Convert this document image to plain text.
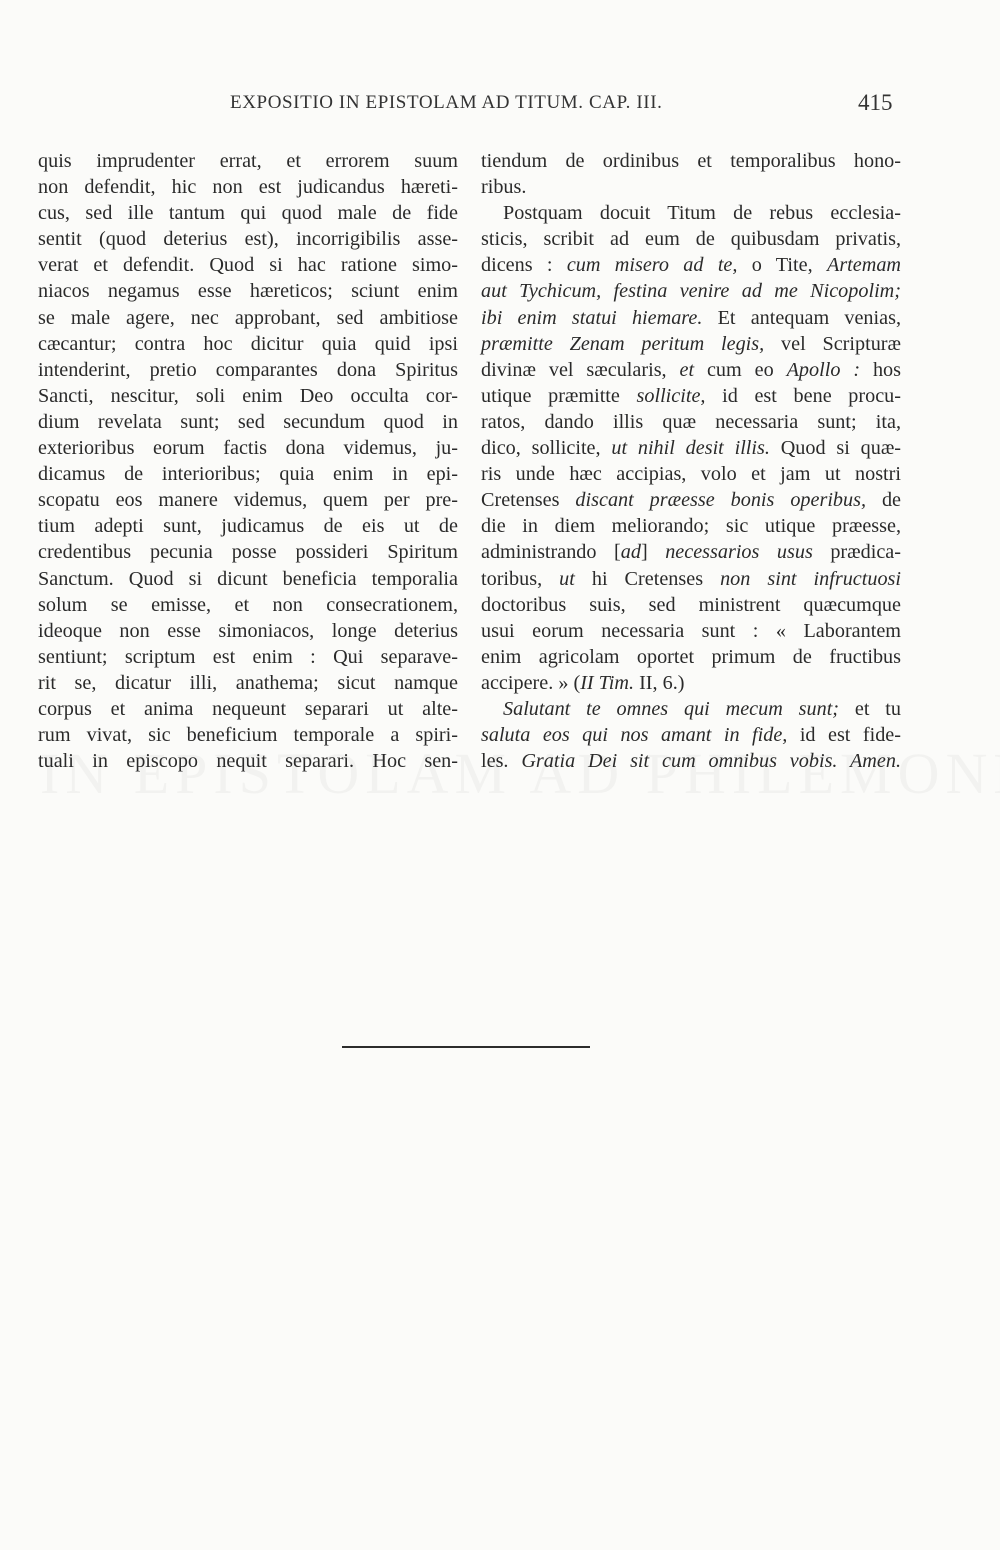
EXPOSITIO IN EPISTOLAM AD TITUM. CAP. III.	415
quis imprudenter errat, et errorem suum
non defendit, hic non est judicandus hæreti-
cus, sed ille tantum qui quod male de fide
sentit (quod deterius est), incorrigibilis asse-
verat et defendit. Quod si hac ratione simo-
niacos negamus esse hæreticos; sciunt enim
se male agere, nec approbant, sed ambitiose
cæcantur; contra hoc dicitur quia quid ipsi
intenderint, pretio comparantes dona Spiritus
Sancti, nescitur, soli enim Deo occulta cor-
dium revelata sunt; sed secundum quod in
exterioribus eorum factis dona videmus, ju-
dicamus de interioribus; quia enim in epi-
scopatu eos manere videmus, quem per pre-
tium adepti sunt, judicamus de eis ut de
credentibus pecunia posse possideri Spiritum
Sanctum. Quod si dicunt beneficia temporalia
solum se emisse, et non consecrationem,
ideoque non esse simoniacos, longe deterius
sentiunt; scriptum est enim : Qui separave-
rit se, dicatur illi, anathema; sicut namque
corpus et anima nequeunt separari ut alte-
rum vivat, sic beneficium temporale a spiri-
tuali in episcopo nequit separari. Hoc sen-
tiendum de ordinibus et temporalibus hono-
ribus.
Postquam docuit Titum de rebus ecclesia-
sticis, scribit ad eum de quibusdam privatis,
dicens : cum misero ad te, o Tite, Artemam
aut Tychicum, festina venire ad me Nicopolim;
ibi enim statui hiemare. Et antequam venias,
præmitte Zenam peritum legis, vel Scripturæ
divinæ vel sæcularis, et cum eo Apollo : hos
utique præmitte sollicite, id est bene procu-
ratos, dando illis quæ necessaria sunt; ita,
dico, sollicite, ut nihil desit illis. Quod si quæ-
ris unde hæc accipias, volo et jam ut nostri
Cretenses discant præesse bonis operibus, de
die in diem meliorando; sic utique præesse,
administrando [ad] necessarios usus prædica-
toribus, ut hi Cretenses non sint infructuosi
doctoribus suis, sed ministrent quæcumque
usui eorum necessaria sunt : « Laborantem
enim agricolam oportet primum de fructibus
accipere. » (II Tim. II, 6.)
Salutant te omnes qui mecum sunt; et tu
saluta eos qui nos amant in fide, id est fide-
les. Gratia Dei sit cum omnibus vobis. Amen.
